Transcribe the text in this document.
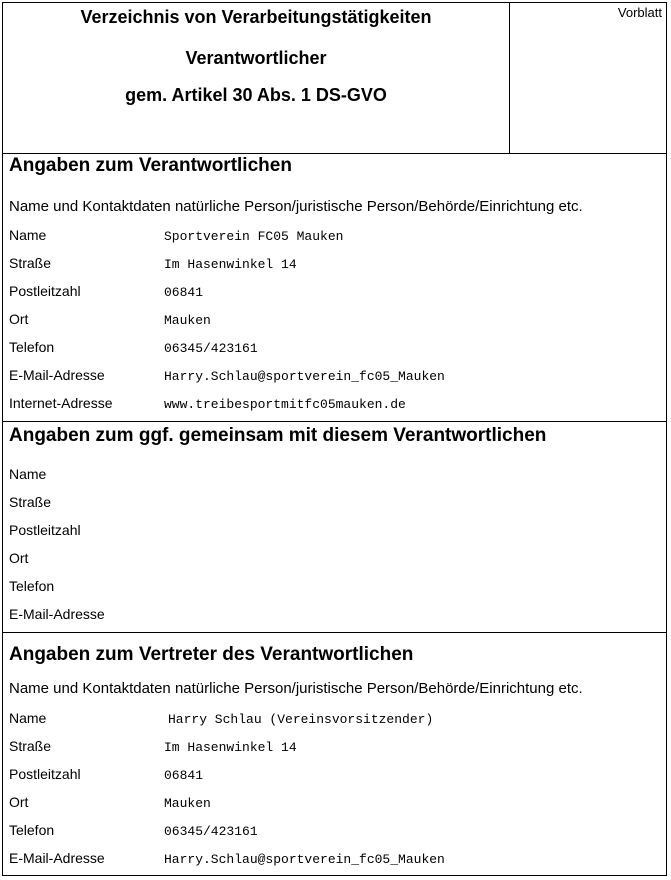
Verzeichnis von Verarbeitungstätigkeiten
Verantwortlicher
gem. Artikel 30 Abs. 1 DS-GVO
Vorblatt
Angaben zum Verantwortlichen
Name und Kontaktdaten natürliche Person/juristische Person/Behörde/Einrichtung etc.
Name	Sportverein FC05 Mauken
Straße	Im Hasenwinkel 14
Postleitzahl	06841
Ort	Mauken
Telefon	06345/423161
E-Mail-Adresse	Harry.Schlau@sportverein_fc05_Mauken
Internet-Adresse	www.treibesportmitfc05mauken.de
Angaben zum ggf. gemeinsam mit diesem Verantwortlichen
Name
Straße
Postleitzahl
Ort
Telefon
E-Mail-Adresse
Angaben zum Vertreter des Verantwortlichen
Name und Kontaktdaten natürliche Person/juristische Person/Behörde/Einrichtung etc.
Name	Harry Schlau (Vereinsvorsitzender)
Straße	Im Hasenwinkel 14
Postleitzahl	06841
Ort	Mauken
Telefon	06345/423161
E-Mail-Adresse	Harry.Schlau@sportverein_fc05_Mauken
